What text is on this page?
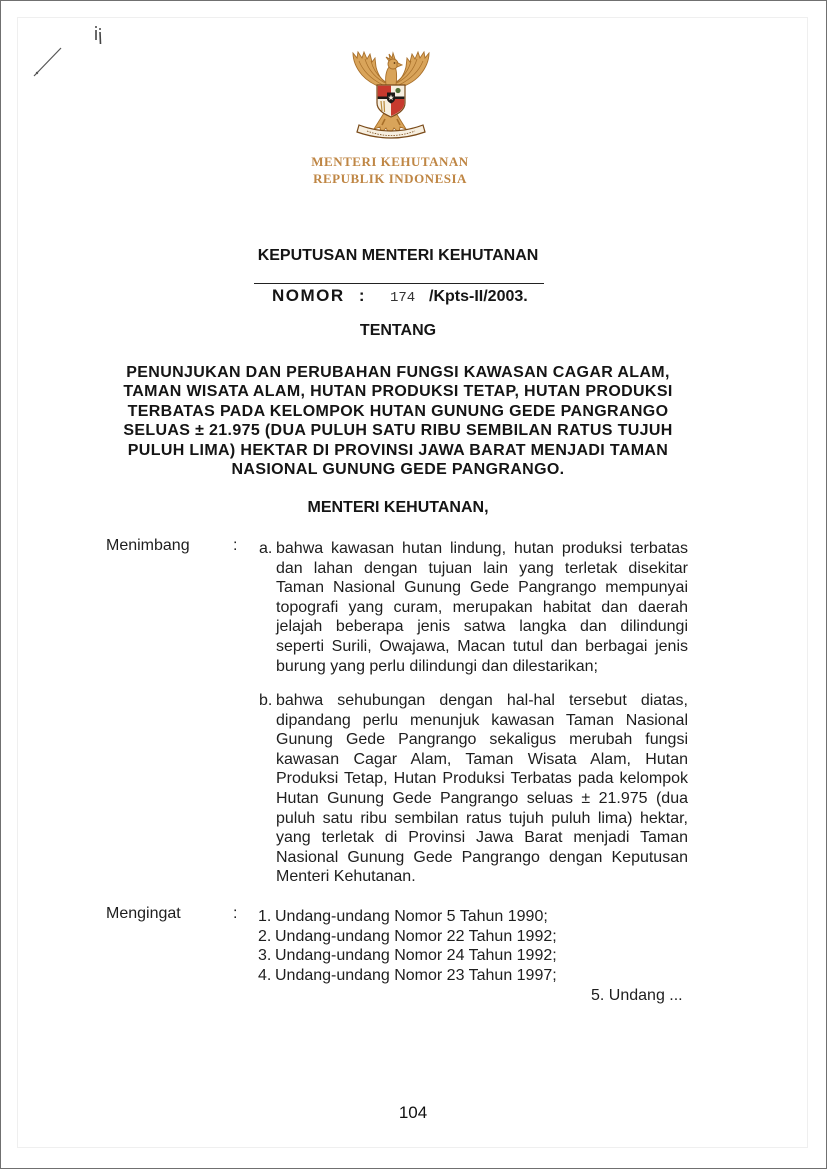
MENTERI KEHUTANAN
REPUBLIK INDONESIA
KEPUTUSAN MENTERI KEHUTANAN
NOMOR : 174 /Kpts-II/2003.
TENTANG
PENUNJUKAN DAN PERUBAHAN FUNGSI KAWASAN CAGAR ALAM,
TAMAN WISATA ALAM, HUTAN PRODUKSI TETAP, HUTAN PRODUKSI
TERBATAS PADA KELOMPOK HUTAN GUNUNG GEDE PANGRANGO
SELUAS ± 21.975 (DUA PULUH SATU RIBU SEMBILAN RATUS TUJUH
PULUH LIMA) HEKTAR DI PROVINSI JAWA BARAT MENJADI TAMAN
NASIONAL GUNUNG GEDE PANGRANGO.
MENTERI KEHUTANAN,
Menimbang	: a. bahwa kawasan hutan lindung, hutan produksi terbatas
dan lahan dengan tujuan lain yang terletak disekitar
Taman Nasional Gunung Gede Pangrango mempunyai
topografi yang curam, merupakan habitat dan daerah
jelajah beberapa jenis satwa langka dan dilindungi
seperti Surili, Owajawa, Macan tutul dan berbagai jenis
burung yang perlu dilindungi dan dilestarikan;
b. bahwa sehubungan dengan hal-hal tersebut diatas,
dipandang perlu menunjuk kawasan Taman Nasional
Gunung Gede Pangrango sekaligus merubah fungsi
kawasan Cagar Alam, Taman Wisata Alam, Hutan
Produksi Tetap, Hutan Produksi Terbatas pada kelompok
Hutan Gunung Gede Pangrango seluas ± 21.975 (dua
puluh satu ribu sembilan ratus tujuh puluh lima) hektar,
yang terletak di Provinsi Jawa Barat menjadi Taman
Nasional Gunung Gede Pangrango dengan Keputusan
Menteri Kehutanan.
Mengingat	: 1. Undang-undang Nomor 5 Tahun 1990;
2. Undang-undang Nomor 22 Tahun 1992;
3. Undang-undang Nomor 24 Tahun 1992;
4. Undang-undang Nomor 23 Tahun 1997;
5. Undang ...
104
